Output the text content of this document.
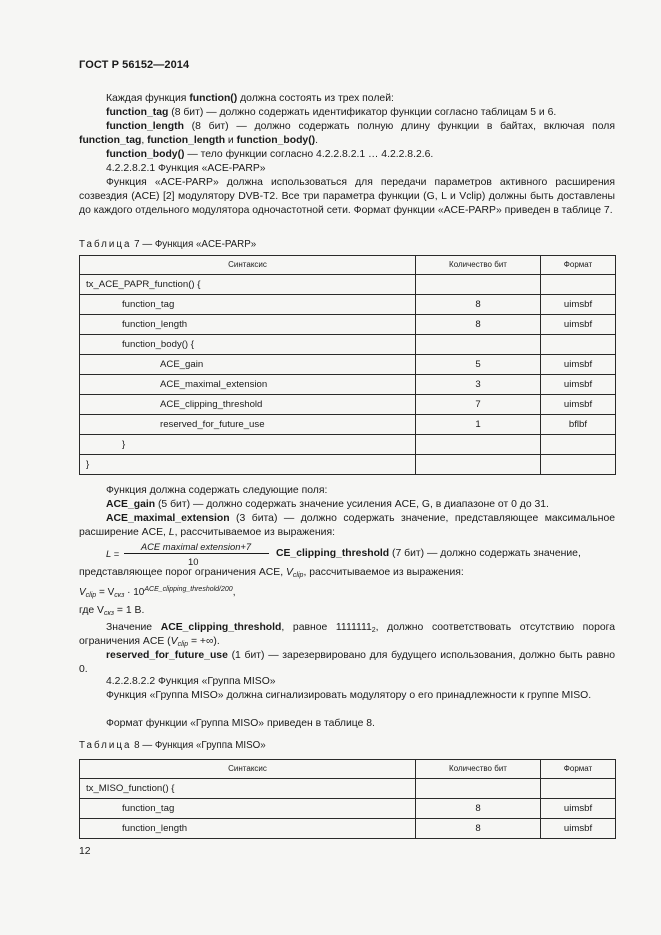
ГОСТ Р 56152—2014
Каждая функция function() должна состоять из трех полей:
function_tag (8 бит) — должно содержать идентификатор функции согласно таблицам 5 и 6.
function_length (8 бит) — должно содержать полную длину функции в байтах, включая поля
function_tag, function_length и function_body().
function_body() — тело функции согласно 4.2.2.8.2.1 … 4.2.2.8.2.6.
4.2.2.8.2.1 Функция «ACE-PARP»
Функция «ACE-PARP» должна использоваться для передачи параметров активного расширения созвездия (ACE) [2] модулятору DVB-T2. Все три параметра функции (G, L и Vclip) должны быть доставлены до каждого отдельного модулятора одночастотной сети. Формат функции «ACE-PARP» приведен в таблице 7.
Таблица 7 — Функция «ACE-PARP»
Синтаксис	Количество бит	Формат
tx_ACE_PAPR_function() {		
function_tag	8	uimsbf
function_length	8	uimsbf
function_body() {		
ACE_gain	5	uimsbf
ACE_maximal_extension	3	uimsbf
ACE_clipping_threshold	7	uimsbf
reserved_for_future_use	1	bflbf
}		
}		
Функция должна содержать следующие поля:
ACE_gain (5 бит) — должно содержать значение усиления ACE, G, в диапазоне от 0 до 31.
ACE_maximal_extension (3 бита) — должно содержать значение, представляющее максимальное расширение ACE, L, рассчитываемое из выражения:
L =
ACE maximal extension+7
10
CE_clipping_threshold (7 бит) — должно содержать значение,
представляющее порог ограничения ACE, $V_{clip}$, рассчитываемое из выражения:
$V_{clip} = V_{скз} \cdot 10^{ACE\_clipping\_threshold/200}$,
где $V_{скз} = 1$ В.
Значение ACE_clipping_threshold, равное $1111111_2$, должно соответствовать отсутствию порога
ограничения ACE ($V_{clip}$ = +∞).
reserved_for_future_use (1 бит) — зарезервировано для будущего использования, должно быть равно 0.
4.2.2.8.2.2 Функция «Группа MISO»
Функция «Группа MISO» должна сигнализировать модулятору о его принадлежности к группе MISO.
Формат функции «Группа MISO» приведен в таблице 8.
Таблица 8 — Функция «Группа MISO»
Синтаксис	Количество бит	Формат
tx_MISO_function() {		
function_tag	8	uimsbf
function_length	8	uimsbf
12
